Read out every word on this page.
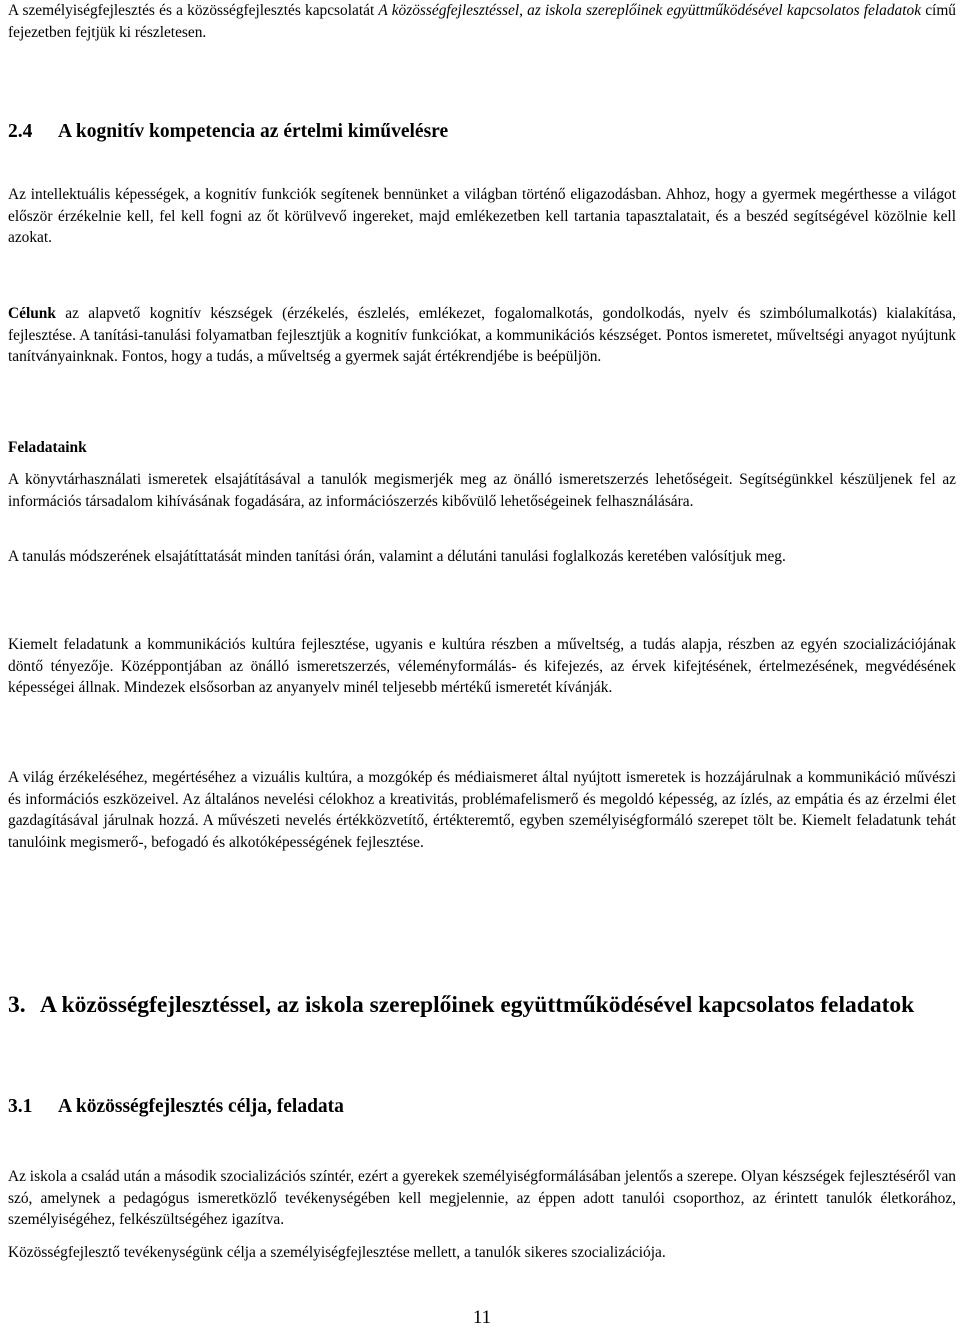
A személyiségfejlesztés és a közösségfejlesztés kapcsolatát A közösségfejlesztéssel, az iskola szereplőinek együttműködésével kapcsolatos feladatok című fejezetben fejtjük ki részletesen.

2.4 A kognitív kompetencia az értelmi kiművelésre

Az intellektuális képességek, a kognitív funkciók segítenek bennünket a világban történő eligazodásban. Ahhoz, hogy a gyermek megérthesse a világot először érzékelnie kell, fel kell fogni az őt körülvevő ingereket, majd emlékezetben kell tartania tapasztalatait, és a beszéd segítségével közölnie kell azokat.

Célunk az alapvető kognitív készségek (érzékelés, észlelés, emlékezet, fogalomalkotás, gondolkodás, nyelv és szimbólumalkotás) kialakítása, fejlesztése. A tanítási-tanulási folyamatban fejlesztjük a kognitív funkciókat, a kommunikációs készséget. Pontos ismeretet, műveltségi anyagot nyújtunk tanítványainknak. Fontos, hogy a tudás, a műveltség a gyermek saját értékrendjébe is beépüljön.

Feladataink

A könyvtárhasználati ismeretek elsajátításával a tanulók megismerjék meg az önálló ismeretszerzés lehetőségeit. Segítségünkkel készüljenek fel az információs társadalom kihívásának fogadására, az információszerzés kibővülő lehetőségeinek felhasználására.

A tanulás módszerének elsajátíttatását minden tanítási órán, valamint a délutáni tanulási foglalkozás keretében valósítjuk meg.

Kiemelt feladatunk a kommunikációs kultúra fejlesztése, ugyanis e kultúra részben a műveltség, a tudás alapja, részben az egyén szocializációjának döntő tényezője. Középpontjában az önálló ismeretszerzés, véleményformálás- és kifejezés, az érvek kifejtésének, értelmezésének, megvédésének képességei állnak. Mindezek elsősorban az anyanyelv minél teljesebb mértékű ismeretét kívánják.

A világ érzékeléséhez, megértéséhez a vizuális kultúra, a mozgókép és médiaismeret által nyújtott ismeretek is hozzájárulnak a kommunikáció művészi és információs eszközeivel. Az általános nevelési célokhoz a kreativitás, problémafelismerő és megoldó képesség, az ízlés, az empátia és az érzelmi élet gazdagításával járulnak hozzá. A művészeti nevelés értékközvetítő, értékteremtő, egyben személyiségformáló szerepet tölt be. Kiemelt feladatunk tehát tanulóink megismerő-, befogadó és alkotóképességének fejlesztése.

3. A közösségfejlesztéssel, az iskola szereplőinek együttműködésével kapcsolatos feladatok
3.1 A közösségfejlesztés célja, feladata

Az iskola a család után a második szocializációs színtér, ezért a gyerekek személyiségformálásában jelentős a szerepe. Olyan készségek fejlesztéséről van szó, amelynek a pedagógus ismeretközlő tevékenységében kell megjelennie, az éppen adott tanulói csoporthoz, az érintett tanulók életkorához, személyiségéhez, felkészültségéhez igazítva.

Közösségfejlesztő tevékenységünk célja a személyiségfejlesztése mellett, a tanulók sikeres szocializációja.

11
